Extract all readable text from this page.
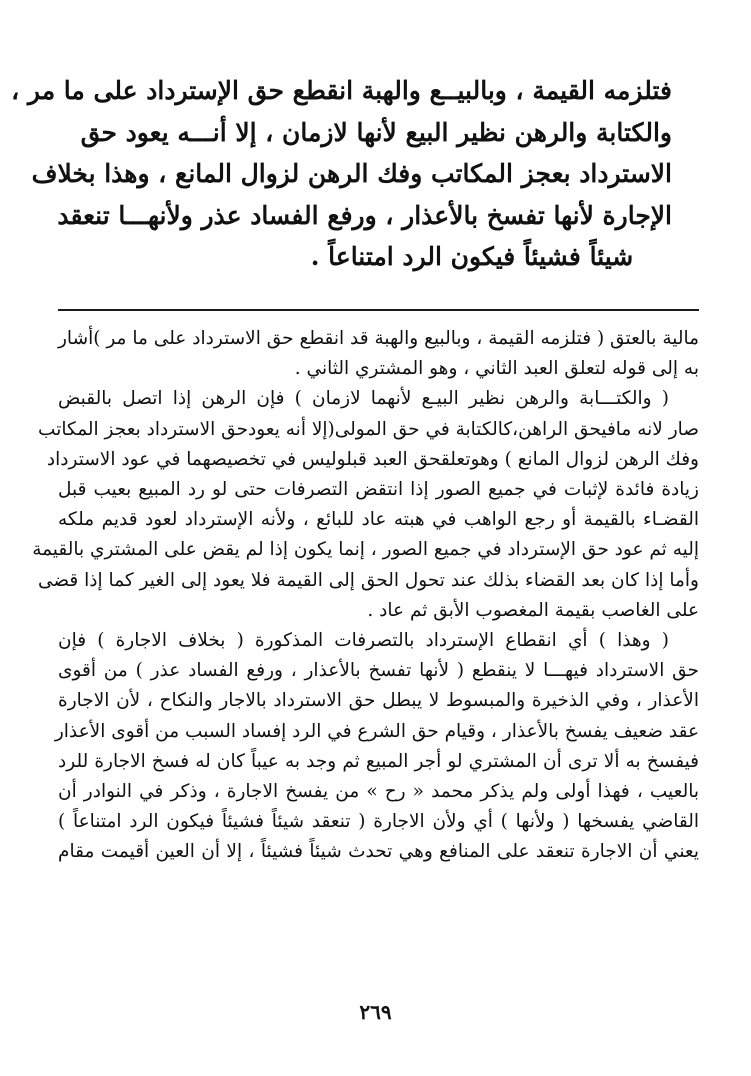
فتلزمه القيمة ، وبالبيــع والهبة انقطع حق الإسترداد على ما مر ،
والكتابة والرهن نظير البيع لأنها لازمان ، إلا أنـــه يعود حق
الاسترداد بعجز المكاتب وفك الرهن لزوال المانع ، وهذا بخلاف
الإجارة لأنها تفسخ بالأعذار ، ورفع الفساد عذر ولأنهـــا تنعقد
شيئاً فشيئاً فيكون الرد امتناعاً .
مالية بالعتق ( فتلزمه القيمة ، وبالبيع والهبة قد انقطع حق الاسترداد على ما مر )أشار
به إلى قوله لتعلق العبد الثاني ، وهو المشتري الثاني .
( والكتـــابة والرهن نظير البيـع لأنهما لازمان ) فإن الرهن إذا اتصل بالقبض
صار لانه مافيحق الراهن،كالكتابة في حق المولى(إلا أنه يعودحق الاسترداد بعجز المكاتب
وفك الرهن لزوال المانع ) وهوتعلقحق العبد قبلوليس في تخصيصهما في عود الاسترداد
زيادة فائدة لإثبات في جميع الصور إذا انتقض التصرفات حتى لو رد المبيع بعيب قبل
القضـاء بالقيمة أو رجع الواهب في هبته عاد للبائع ، ولأنه الإسترداد لعود قديم ملكه
إليه ثم عود حق الإسترداد في جميع الصور ، إنما يكون إذا لم يقض على المشتري بالقيمة
وأما إذا كان بعد القضاء بذلك عند تحول الحق إلى القيمة فلا يعود إلى الغير كما إذا قضى
على الغاصب بقيمة المغصوب الأبق ثم عاد .
( وهذا ) أي انقطاع الإسترداد بالتصرفات المذكورة ( بخلاف الاجارة ) فإن
حق الاسترداد فيهـــا لا ينقطع ( لأنها تفسخ بالأعذار ، ورفع الفساد عذر ) من أقوى
الأعذار ، وفي الذخيرة والمبسوط لا يبطل حق الاسترداد بالاجار والنكاح ، لأن الاجارة
عقد ضعيف يفسخ بالأعذار ، وقيام حق الشرع في الرد إفساد السبب من أقوى الأعذار
فيفسخ به ألا ترى أن المشتري لو أجر المبيع ثم وجد به عيباً كان له فسخ الاجارة للرد
بالعيب ، فهذا أولى ولم يذكر محمد « رح » من يفسخ الاجارة ، وذكر في النوادر أن
القاضي يفسخها ( ولأنها ) أي ولأن الاجارة ( تنعقد شيئاً فشيئاً فيكون الرد امتناعاً )
يعني أن الاجارة تنعقد على المنافع وهي تحدث شيئاً فشيئاً ، إلا أن العين أقيمت مقام
٢٦٩
